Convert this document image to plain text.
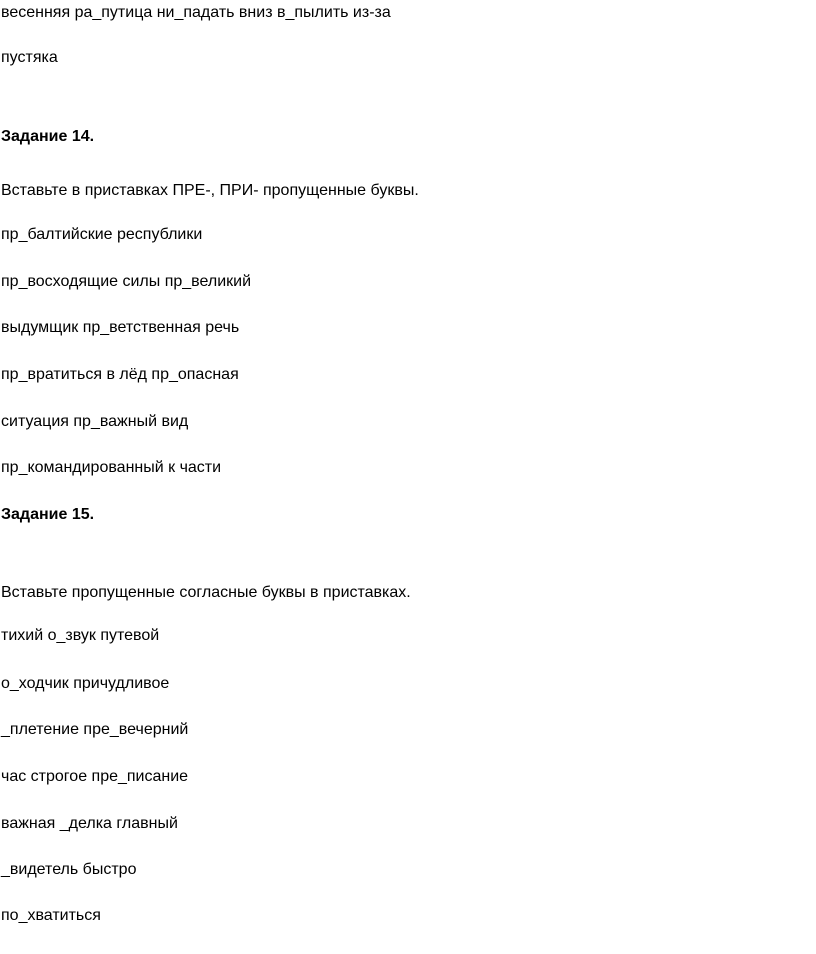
весенняя ра_путица ни_падать вниз в_пылить из-за
пустяка
Задание 14.
Вставьте в приставках ПРЕ-, ПРИ- пропущенные буквы.
пр_балтийские республики
пр_восходящие силы пр_великий
выдумщик пр_ветственная речь
пр_вратиться в лёд пр_опасная
ситуация пр_важный вид
пр_командированный к части
Задание 15.
Вставьте пропущенные согласные буквы в приставках.
тихий о_звук путевой
о_ходчик причудливое
_плетение пре_вечерний
час строгое пре_писание
важная _делка главный
_видетель быстро
по_хватиться
